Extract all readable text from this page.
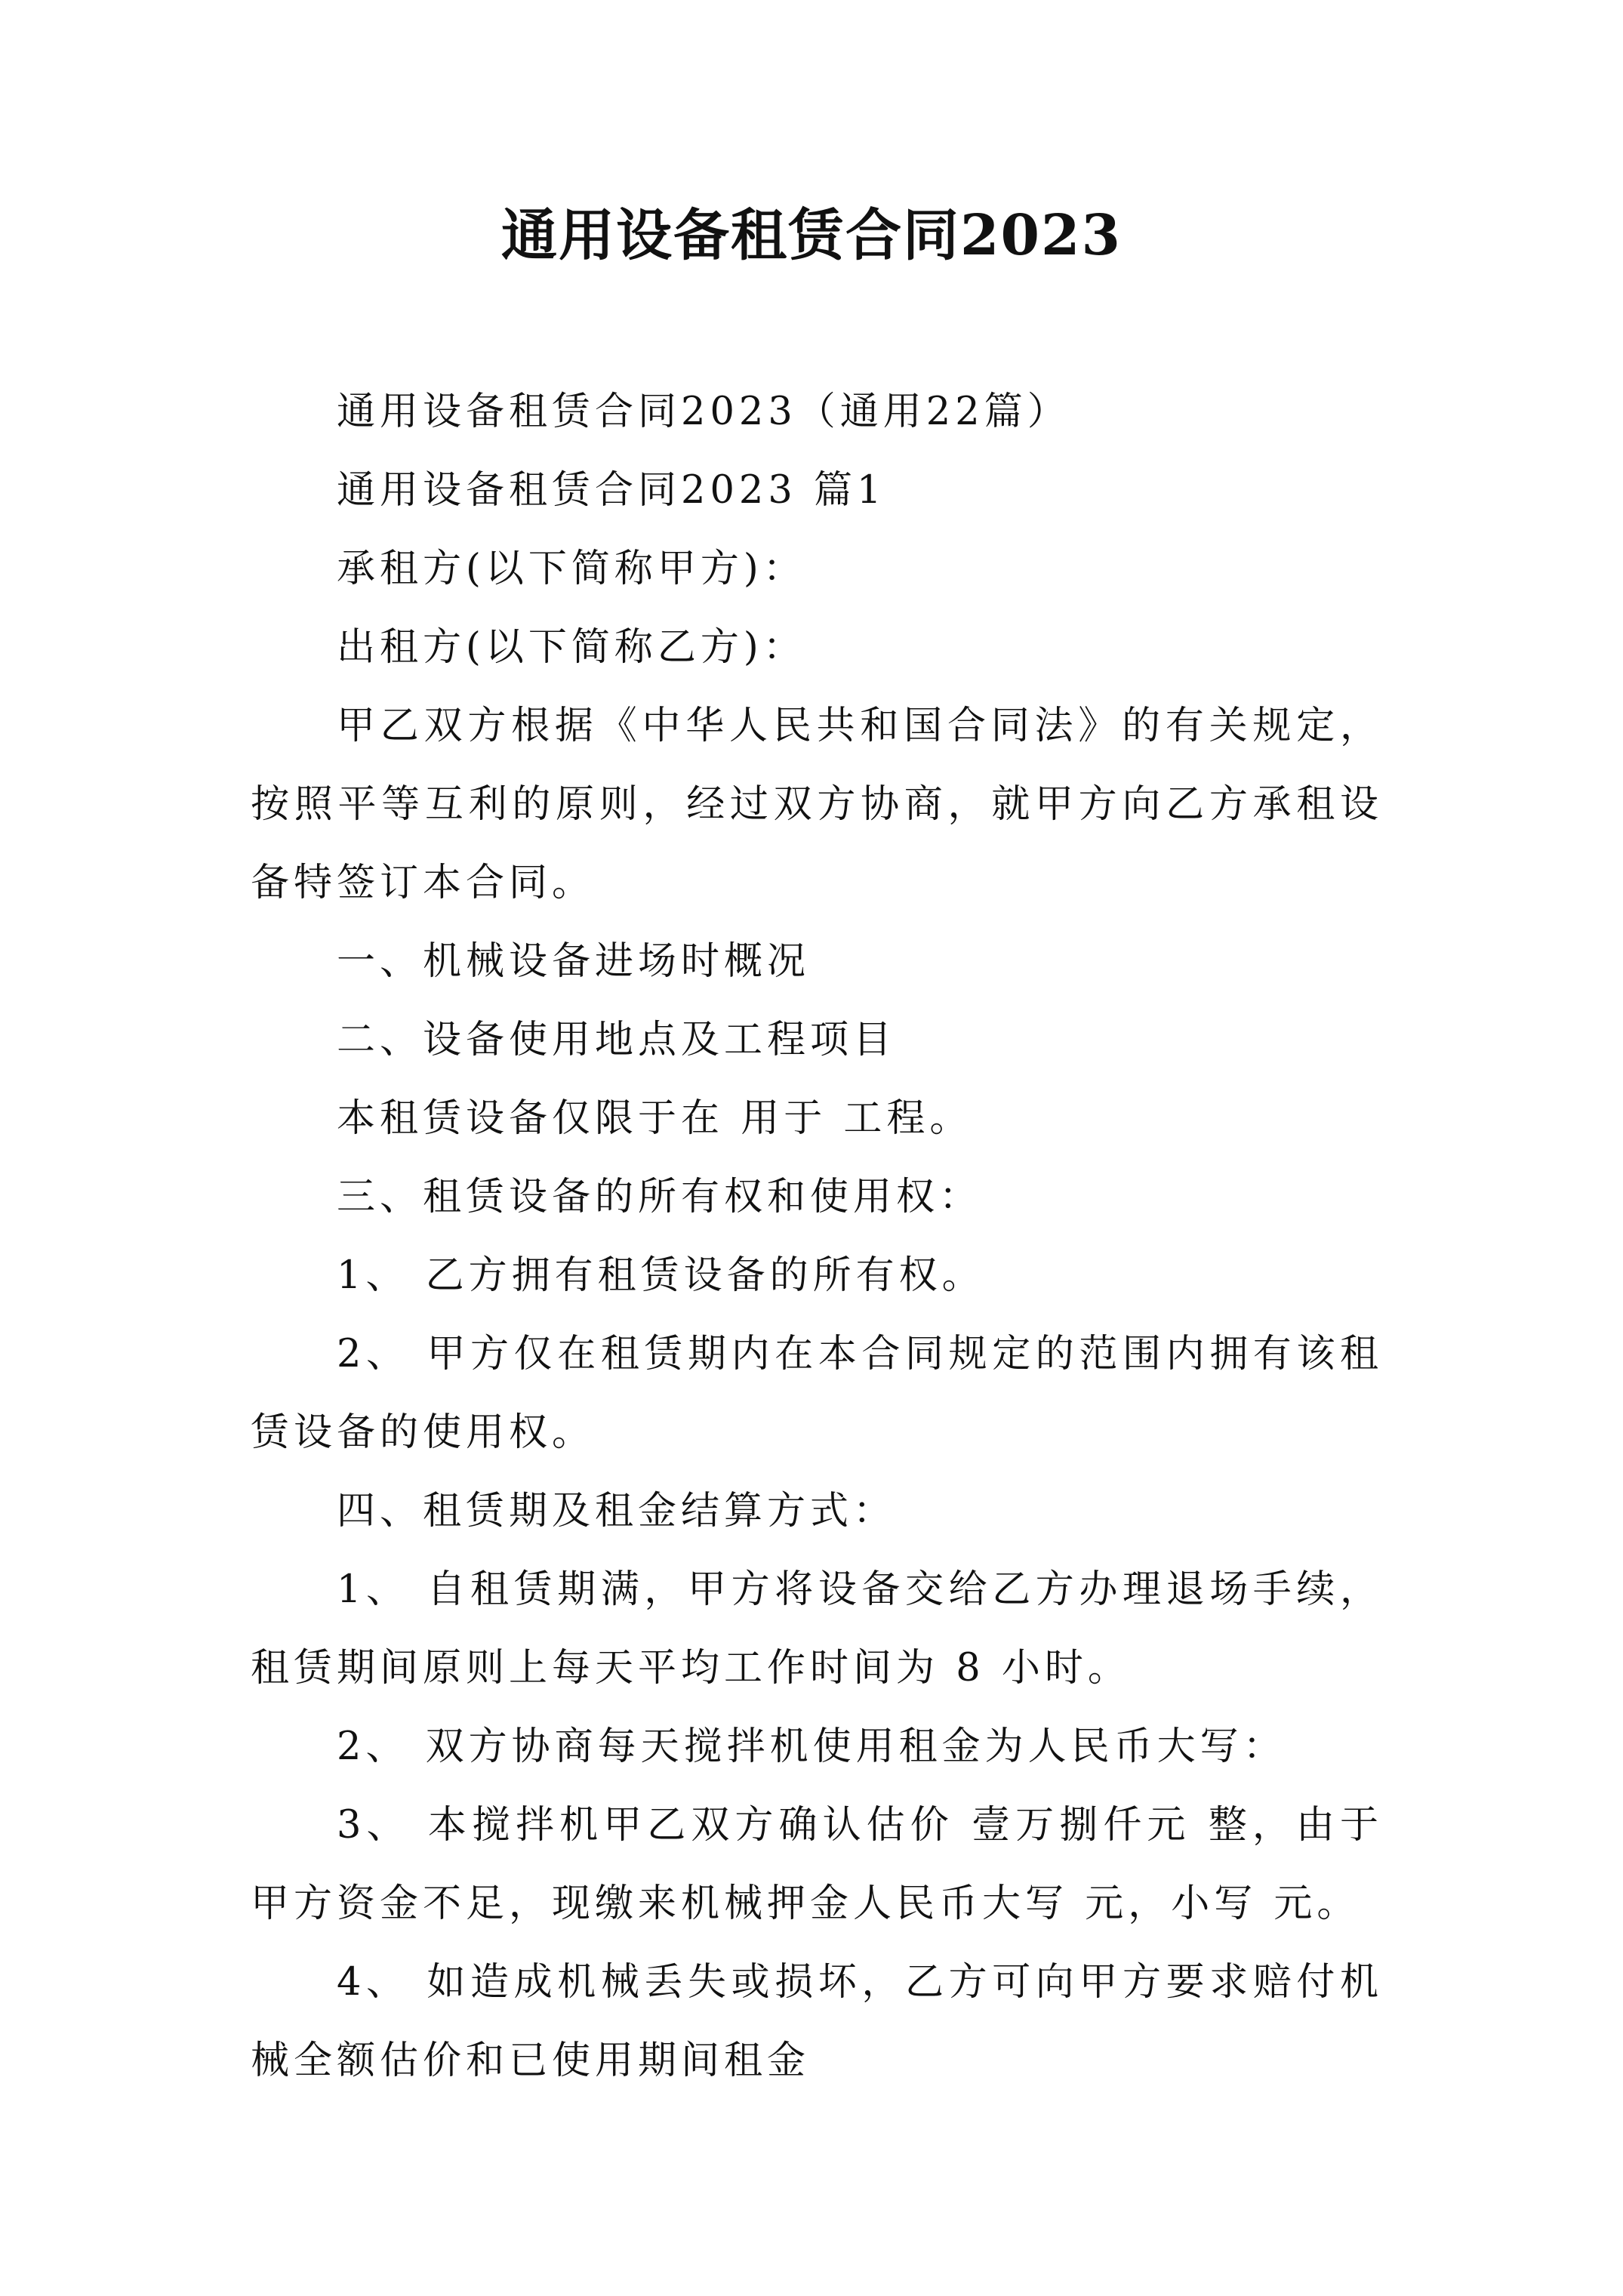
通用设备租赁合同2023

通用设备租赁合同2023（通用22篇）

通用设备租赁合同2023 篇1

承租方(以下简称甲方)：

出租方(以下简称乙方)：

甲乙双方根据《中华人民共和国合同法》的有关规定，按照平等互利的原则，经过双方协商，就甲方向乙方承租设备特签订本合同。

一、机械设备进场时概况

二、设备使用地点及工程项目

本租赁设备仅限于在 用于 工程。

三、租赁设备的所有权和使用权：

1、 乙方拥有租赁设备的所有权。

2、 甲方仅在租赁期内在本合同规定的范围内拥有该租赁设备的使用权。

四、租赁期及租金结算方式：

1、 自租赁期满，甲方将设备交给乙方办理退场手续，租赁期间原则上每天平均工作时间为 8 小时。

2、 双方协商每天搅拌机使用租金为人民币大写：

3、 本搅拌机甲乙双方确认估价 壹万捌仟元 整，由于甲方资金不足，现缴来机械押金人民币大写 元，小写 元。

4、 如造成机械丢失或损坏，乙方可向甲方要求赔付机械全额估价和已使用期间租金
